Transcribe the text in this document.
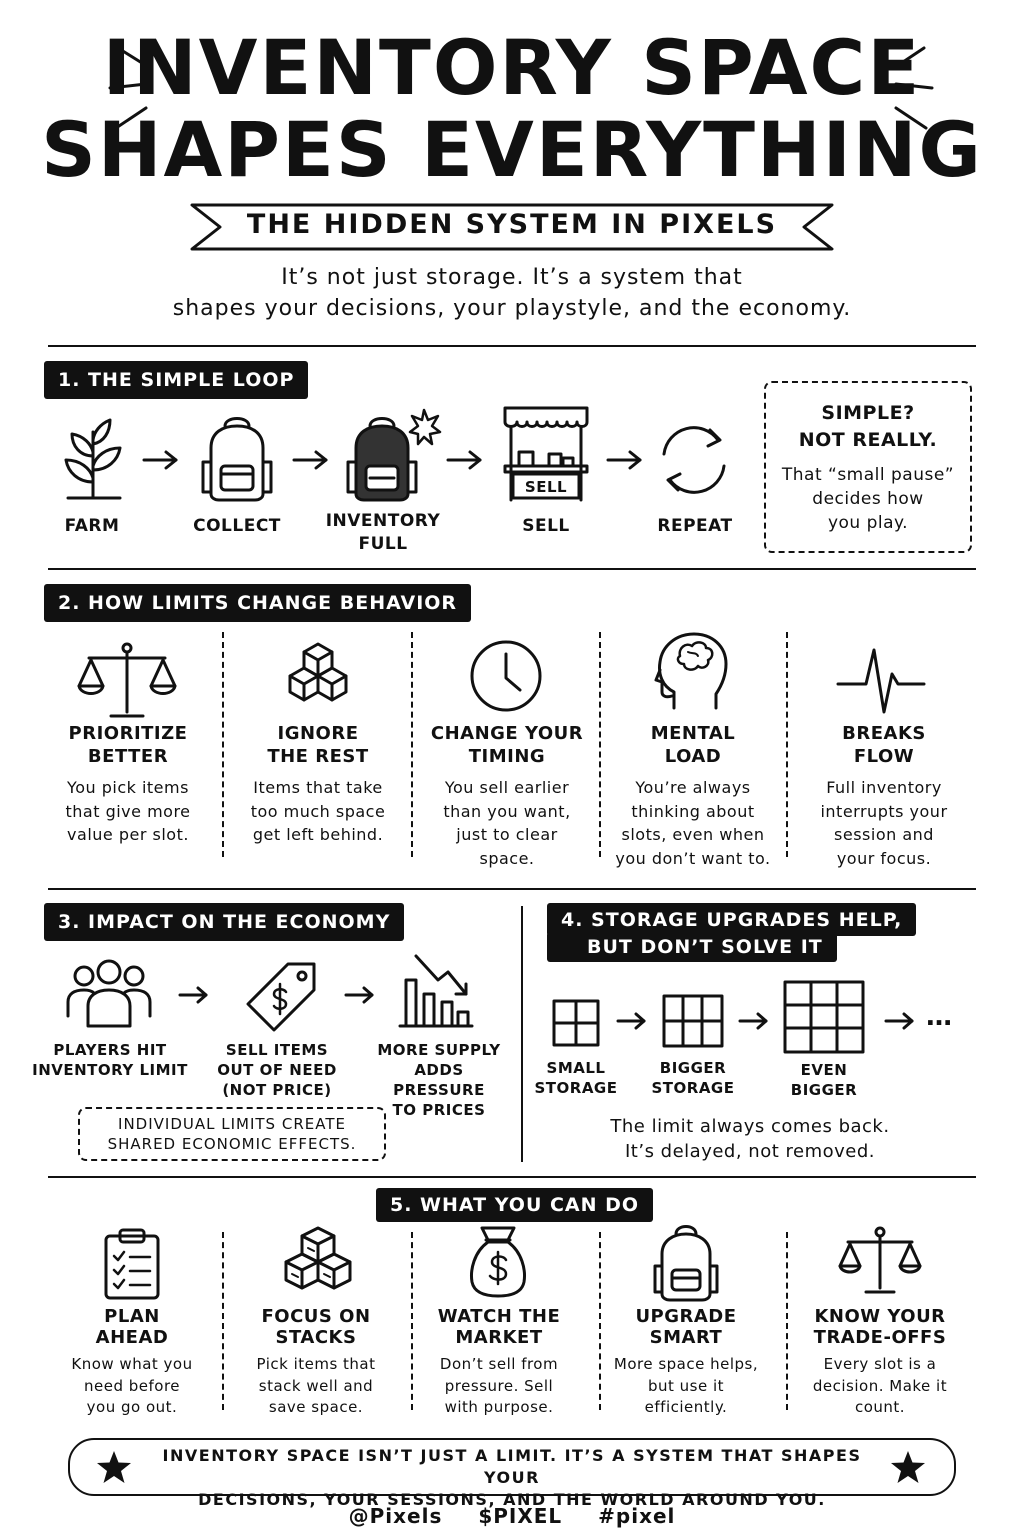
INVENTORY SPACE
SHAPES EVERYTHING
THE HIDDEN SYSTEM IN PIXELS
It’s not just storage. It’s a system that
shapes your decisions, your playstyle, and the economy.
1. THE SIMPLE LOOP
FARM	COLLECT	INVENTORY
FULL
SELL
SELL	REPEAT
SIMPLE?
NOT REALLY.
That “small pause”
decides how
you play.
2. HOW LIMITS CHANGE BEHAVIOR
PRIORITIZE
BETTER
You pick items
that give more
value per slot.
IGNORE
THE REST
Items that take
too much space
get left behind.
CHANGE YOUR
TIMING
You sell earlier
than you want,
just to clear
space.
MENTAL
LOAD
You’re always
thinking about
slots, even when
you don’t want to.
BREAKS
FLOW
Full inventory
interrupts your
session and
your focus.
3. IMPACT ON THE ECONOMY
PLAYERS HIT
INVENTORY LIMIT
SELL ITEMS
OUT OF NEED
(NOT PRICE)
MORE SUPPLY
ADDS PRESSURE
TO PRICES
INDIVIDUAL LIMITS CREATE
SHARED ECONOMIC EFFECTS.
4. STORAGE UPGRADES HELP,
BUT DON’T SOLVE IT
SMALL
STORAGE
BIGGER
STORAGE
EVEN
BIGGER
…
The limit always comes back.
It’s delayed, not removed.
5. WHAT YOU CAN DO
PLAN
AHEAD
Know what you
need before
you go out.
FOCUS ON
STACKS
Pick items that
stack well and
save space.
WATCH THE
MARKET
Don’t sell from
pressure. Sell
with purpose.
UPGRADE
SMART
More space helps,
but use it
efficiently.
KNOW YOUR
TRADE-OFFS
Every slot is a
decision. Make it
count.
INVENTORY SPACE ISN’T JUST A LIMIT. IT’S A SYSTEM THAT SHAPES YOUR
DECISIONS, YOUR SESSIONS, AND THE WORLD AROUND YOU.
@Pixels $PIXEL #pixel
